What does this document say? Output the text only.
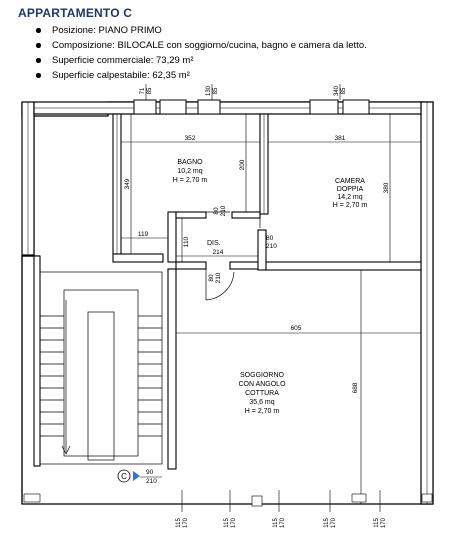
APPARTAMENTO C
Posizione: PIANO PRIMO
Composizione: BILOCALE con soggiorno/cucina, bagno e camera da letto.
Superficie commerciale: 73,29 m²
Superficie calpestabile: 62,35 m²
71 85	130 85	340 85
BAGNO
10,2 mq
H = 2,70 m	CAMERA
DOPPIA
14,2 mq
H = 2,70 m
DIS.
SOGGIORNO
CON ANGOLO
COTTURA
35,6 mq
H = 2,70 m
352	381
349
200
80 210
80
210
119
110
214
380
80 210
605
688
90
210
115 170	115 170	115 170	115 170	115 170
C
